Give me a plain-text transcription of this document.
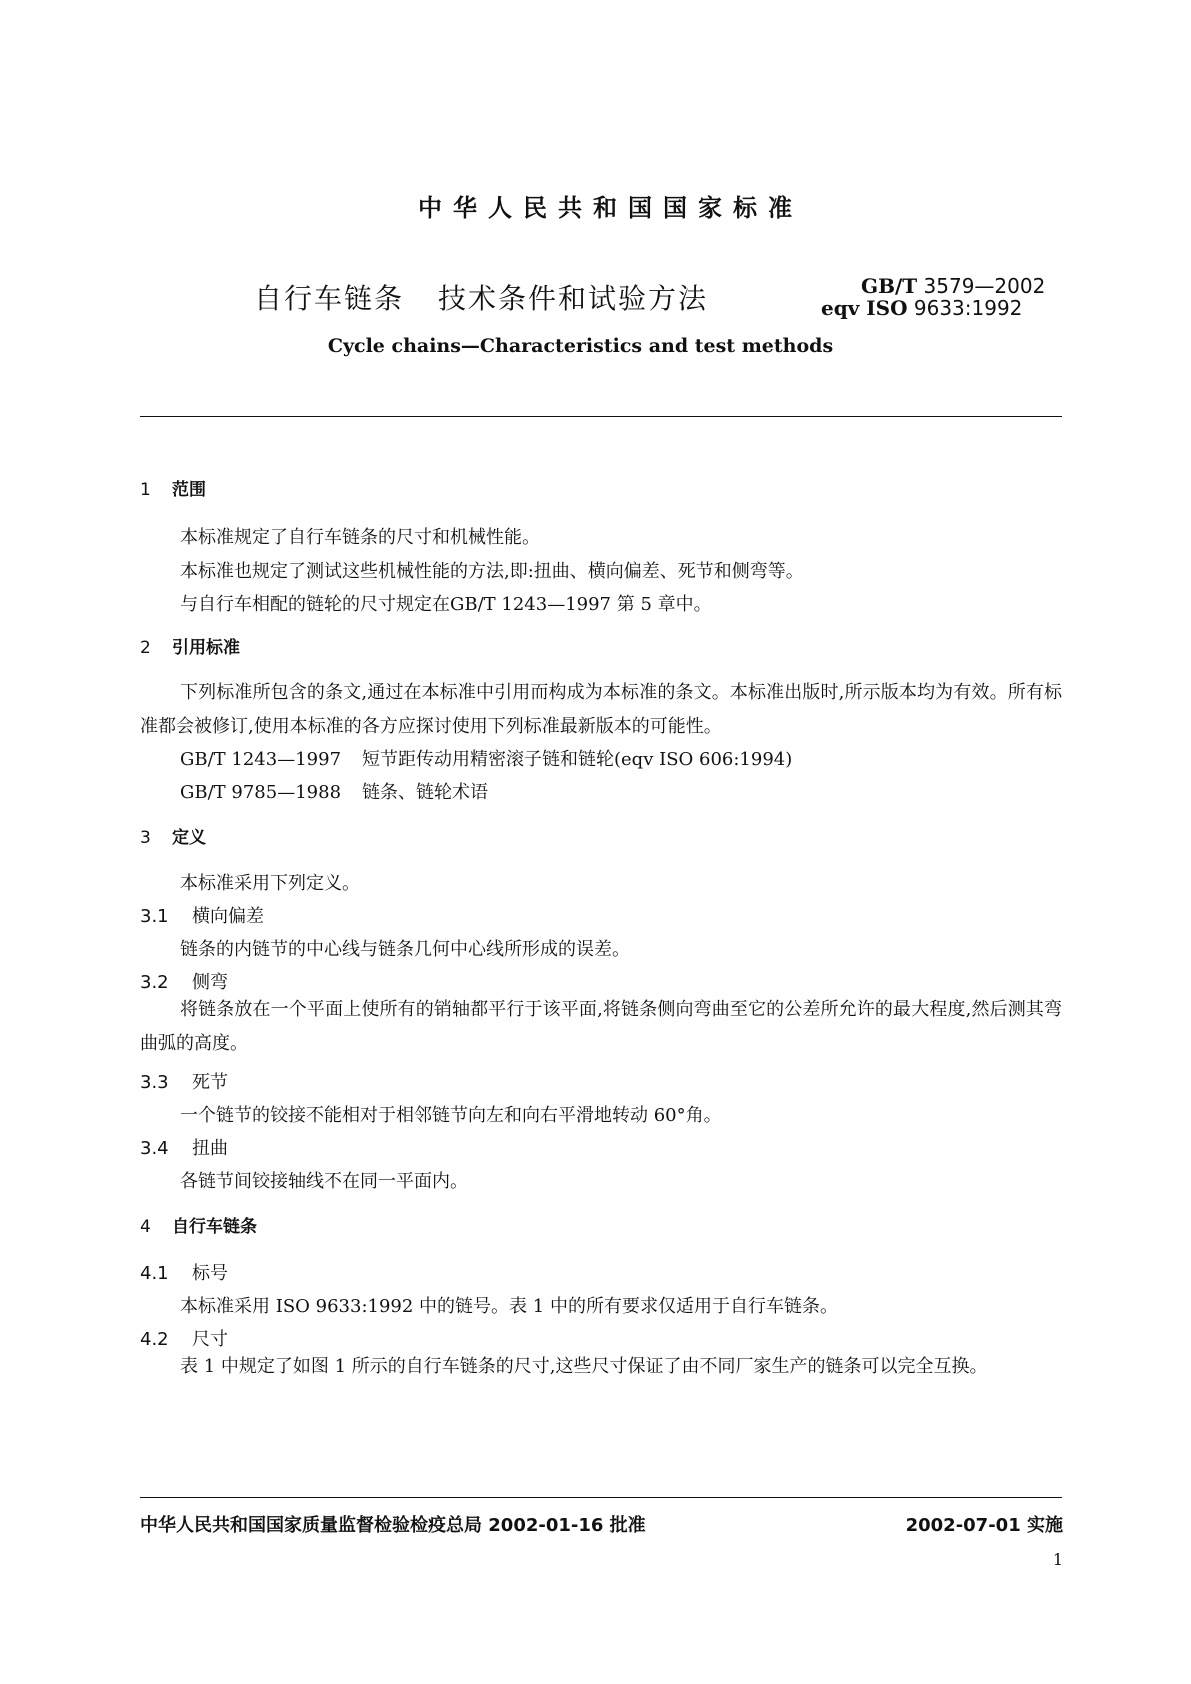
中华人民共和国国家标准
自行车链条 技术条件和试验方法	GB/T 3579—2002
eqv ISO 9633:1992
Cycle chains—Characteristics and test methods
1 范围
本标准规定了自行车链条的尺寸和机械性能。
本标准也规定了测试这些机械性能的方法,即:扭曲、横向偏差、死节和侧弯等。
与自行车相配的链轮的尺寸规定在GB/T 1243—1997 第 5 章中。
2 引用标准
下列标准所包含的条文,通过在本标准中引用而构成为本标准的条文。本标准出版时,所示版本均为有效。所有标准都会被修订,使用本标准的各方应探讨使用下列标准最新版本的可能性。
GB/T 1243—1997 短节距传动用精密滚子链和链轮(eqv ISO 606:1994)
GB/T 9785—1988 链条、链轮术语
3 定义
本标准采用下列定义。
3.1 横向偏差
链条的内链节的中心线与链条几何中心线所形成的误差。
3.2 侧弯
将链条放在一个平面上使所有的销轴都平行于该平面,将链条侧向弯曲至它的公差所允许的最大程度,然后测其弯曲弧的高度。
3.3 死节
一个链节的铰接不能相对于相邻链节向左和向右平滑地转动 60°角。
3.4 扭曲
各链节间铰接轴线不在同一平面内。
4 自行车链条
4.1 标号
本标准采用 ISO 9633:1992 中的链号。表 1 中的所有要求仅适用于自行车链条。
4.2 尺寸
表 1 中规定了如图 1 所示的自行车链条的尺寸,这些尺寸保证了由不同厂家生产的链条可以完全互换。
中华人民共和国国家质量监督检验检疫总局 2002-01-16 批准	2002-07-01 实施
1
